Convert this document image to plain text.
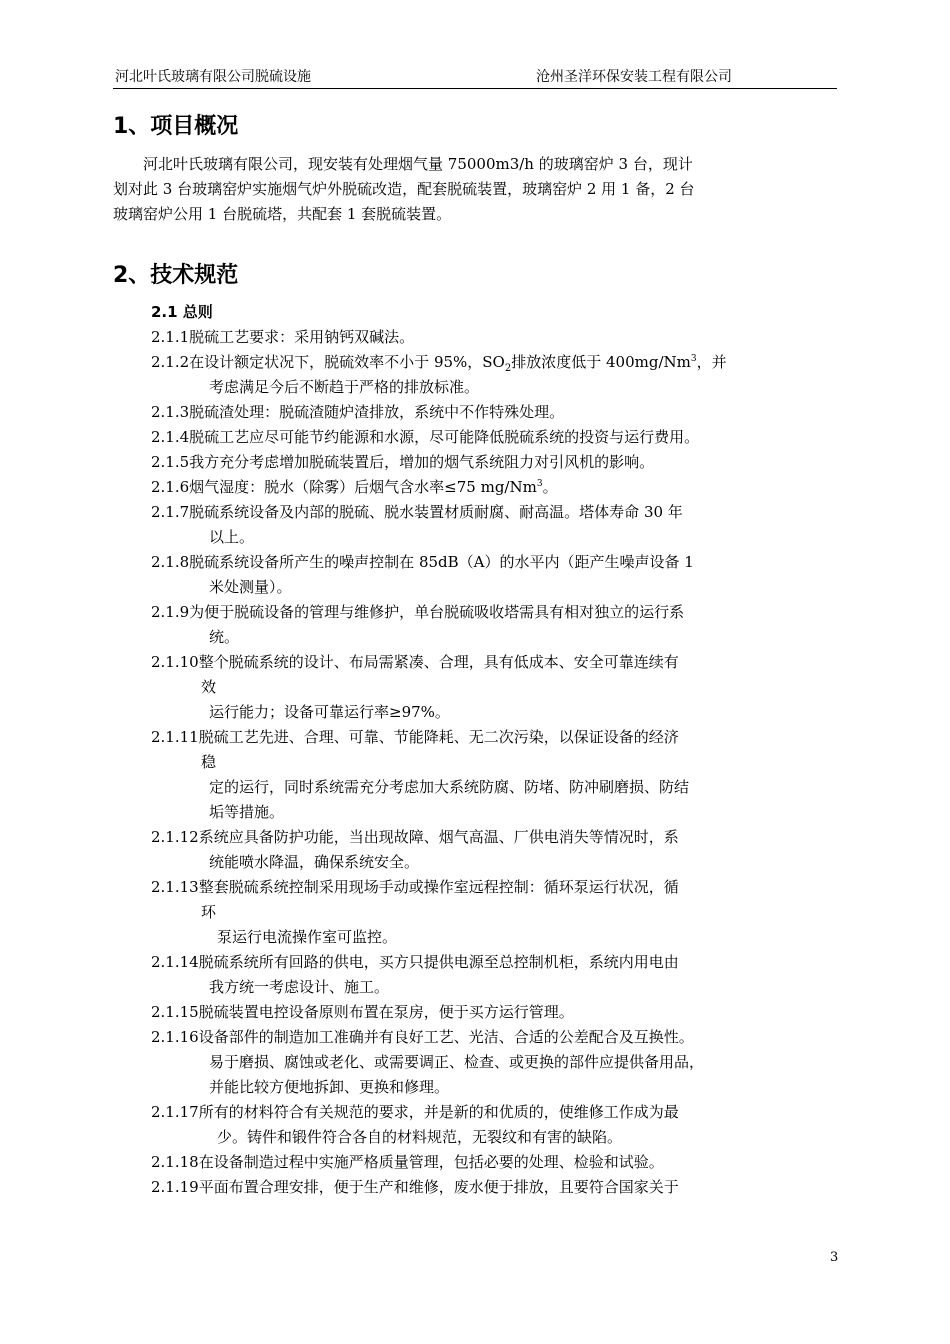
河北叶氏玻璃有限公司脱硫设施	沧州圣洋环保安装工程有限公司
1、项目概况
河北叶氏玻璃有限公司，现安装有处理烟气量 75000m3/h 的玻璃窑炉 3 台，现计
划对此 3 台玻璃窑炉实施烟气炉外脱硫改造，配套脱硫装置，玻璃窑炉 2 用 1 备，2 台
玻璃窑炉公用 1 台脱硫塔，共配套 1 套脱硫装置。
2、技术规范
2.1 总则
2.1.1脱硫工艺要求：采用钠钙双碱法。
2.1.2在设计额定状况下，脱硫效率不小于 95%，$SO_2$排放浓度低于 400mg/Nm$^3$，并
考虑满足今后不断趋于严格的排放标准。
2.1.3脱硫渣处理：脱硫渣随炉渣排放，系统中不作特殊处理。
2.1.4脱硫工艺应尽可能节约能源和水源，尽可能降低脱硫系统的投资与运行费用。
2.1.5我方充分考虑增加脱硫装置后，增加的烟气系统阻力对引风机的影响。
2.1.6烟气湿度：脱水（除雾）后烟气含水率≤75 mg/Nm$^3$。
2.1.7脱硫系统设备及内部的脱硫、脱水装置材质耐腐、耐高温。塔体寿命 30 年
以上。
2.1.8脱硫系统设备所产生的噪声控制在 85dB（A）的水平内（距产生噪声设备 1
米处测量）。
2.1.9为便于脱硫设备的管理与维修护，单台脱硫吸收塔需具有相对独立的运行系
统。
2.1.10整个脱硫系统的设计、布局需紧凑、合理，具有低成本、安全可靠连续有
效
运行能力；设备可靠运行率≥97%。
2.1.11脱硫工艺先进、合理、可靠、节能降耗、无二次污染，以保证设备的经济
稳
定的运行，同时系统需充分考虑加大系统防腐、防堵、防冲刷磨损、防结
垢等措施。
2.1.12系统应具备防护功能，当出现故障、烟气高温、厂供电消失等情况时，系
统能喷水降温，确保系统安全。
2.1.13整套脱硫系统控制采用现场手动或操作室远程控制：循环泵运行状况，循
环
泵运行电流操作室可监控。
2.1.14脱硫系统所有回路的供电，买方只提供电源至总控制机柜，系统内用电由
我方统一考虑设计、施工。
2.1.15脱硫装置电控设备原则布置在泵房，便于买方运行管理。
2.1.16设备部件的制造加工准确并有良好工艺、光洁、合适的公差配合及互换性。
易于磨损、腐蚀或老化、或需要调正、检查、或更换的部件应提供备用品，
并能比较方便地拆卸、更换和修理。
2.1.17所有的材料符合有关规范的要求，并是新的和优质的，使维修工作成为最
少。铸件和锻件符合各自的材料规范，无裂纹和有害的缺陷。
2.1.18在设备制造过程中实施严格质量管理，包括必要的处理、检验和试验。
2.1.19平面布置合理安排，便于生产和维修，废水便于排放，且要符合国家关于
3
